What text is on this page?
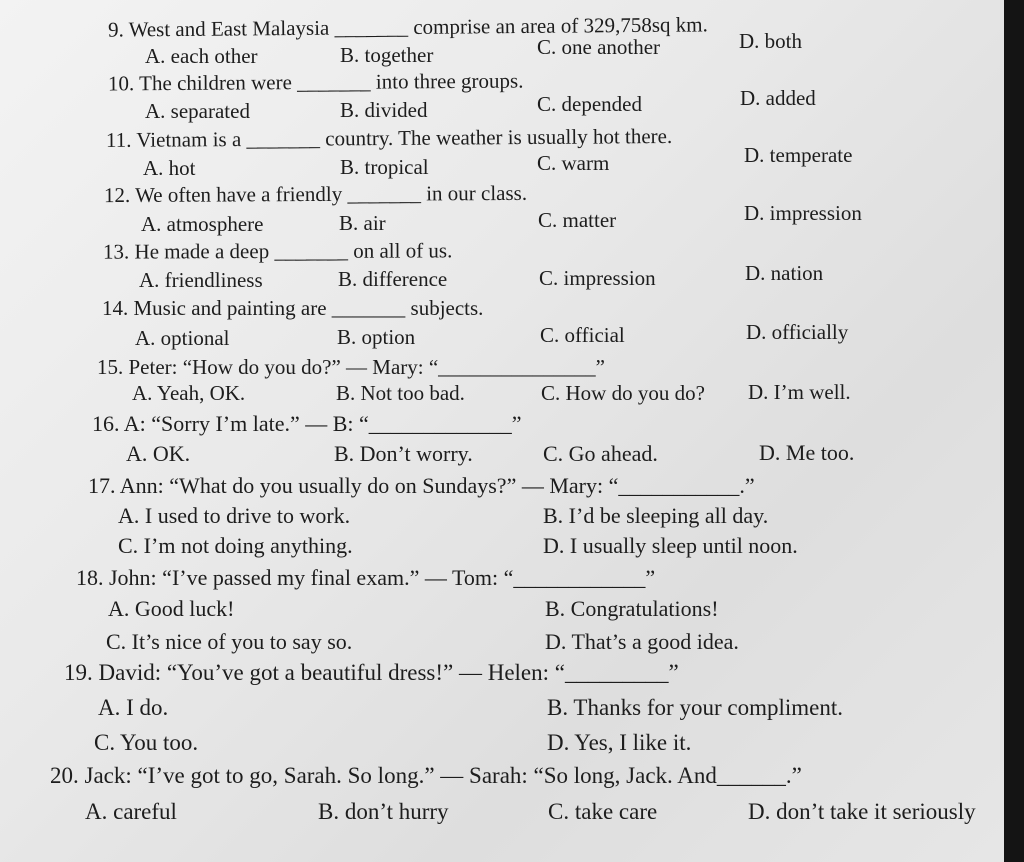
9. West and East Malaysia _______ comprise an area of 329,758sq km.
A. each other	B. together	C. one another	D. both
10. The children were _______ into three groups.
A. separated	B. divided	C. depended	D. added
11. Vietnam is a _______ country. The weather is usually hot there.
A. hot	B. tropical	C. warm	D. temperate
12. We often have a friendly _______ in our class.
A. atmosphere	B. air	C. matter	D. impression
13. He made a deep _______ on all of us.
A. friendliness	B. difference	C. impression	D. nation
14. Music and painting are _______ subjects.
A. optional	B. option	C. official	D. officially
15. Peter: “How do you do?” — Mary: “_______________”
A. Yeah, OK.	B. Not too bad.	C. How do you do? D. I’m well.
16. A: “Sorry I’m late.” — B: “_____________”
A. OK.	B. Don’t worry.	C. Go ahead.	D. Me too.
17. Ann: “What do you usually do on Sundays?” — Mary: “___________.”
A. I used to drive to work.	B. I’d be sleeping all day.
C. I’m not doing anything.	D. I usually sleep until noon.
18. John: “I’ve passed my final exam.” — Tom: “____________”
A. Good luck!	B. Congratulations!
C. It’s nice of you to say so.	D. That’s a good idea.
19. David: “You’ve got a beautiful dress!” — Helen: “_________”
A. I do.	B. Thanks for your compliment.
C. You too.	D. Yes, I like it.
20. Jack: “I’ve got to go, Sarah. So long.” — Sarah: “So long, Jack. And______.”
A. careful	B. don’t hurry	C. take care	D. don’t take it seriously
